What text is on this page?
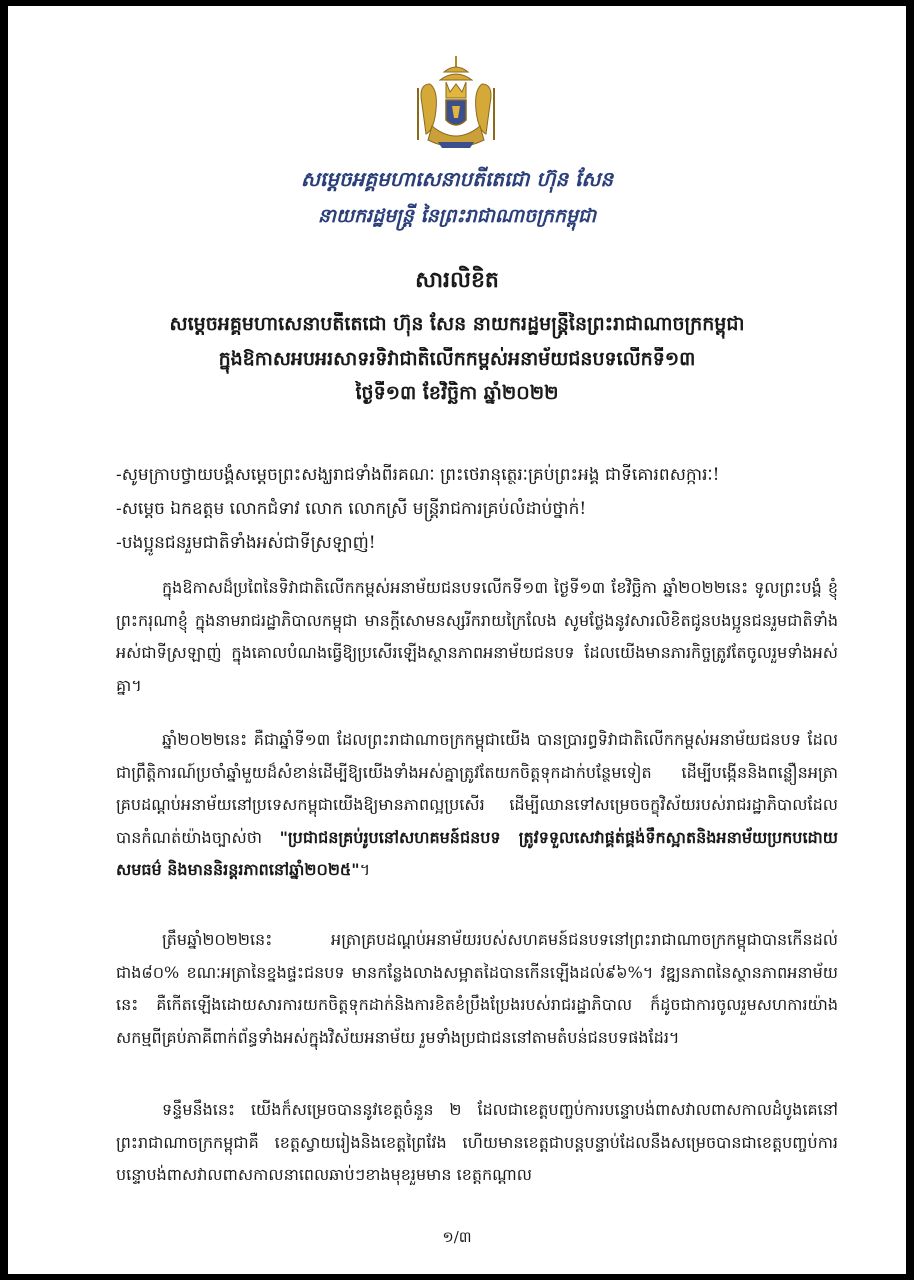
សម្ដេចអគ្គមហាសេនាបតីតេជោ ហ៊ុន សែន
នាយករដ្ឋមន្ត្រី នៃព្រះរាជាណាចក្រកម្ពុជា
សារលិខិត
សម្ដេចអគ្គមហាសេនាបតីតេជោ ហ៊ុន សែន នាយករដ្ឋមន្ត្រីនៃព្រះរាជាណាចក្រកម្ពុជា
ក្នុងឱកាសអបអរសាទរទិវាជាតិលើកកម្ពស់អនាម័យជនបទលើកទី១៣
ថ្ងៃទី១៣ ខែវិច្ឆិកា ឆ្នាំ២០២២
-សូមក្រាបថ្វាយបង្គំសម្ដេចព្រះសង្ឃរាជទាំងពីរគណៈ ព្រះថេរានុត្ថេរៈគ្រប់ព្រះអង្គ ជាទីគោរពសក្ការៈ!
-សម្ដេច ឯកឧត្ដម លោកជំទាវ លោក លោកស្រី មន្ត្រីរាជការគ្រប់លំដាប់ថ្នាក់!
-បងប្អូនជនរួមជាតិទាំងអស់ជាទីស្រឡាញ់!

ក្នុងឱកាសដ៏ប្រពៃនៃទិវាជាតិលើកកម្ពស់អនាម័យជនបទលើកទី១៣ ថ្ងៃទី១៣ ខែវិច្ឆិកា ឆ្នាំ២០២២នេះ ទូលព្រះបង្គំ ខ្ញុំព្រះករុណាខ្ញុំ ក្នុងនាមរាជរដ្ឋាភិបាលកម្ពុជា មានក្ដីសោមនស្សរីករាយក្រៃលែង សូមថ្លែងនូវសារលិខិតជូនបងប្អូនជនរួមជាតិទាំងអស់ជាទីស្រឡាញ់ ក្នុងគោលបំណងធ្វើឱ្យប្រសើរឡើងស្ថានភាពអនាម័យជនបទ ដែលយើងមានភារកិច្ចត្រូវតែចូលរួមទាំងអស់គ្នា។

ឆ្នាំ២០២២នេះ គឺជាឆ្នាំទី១៣ ដែលព្រះរាជាណាចក្រកម្ពុជាយើង បានប្រារព្ធទិវាជាតិលើកកម្ពស់អនាម័យជនបទ ដែលជាព្រឹត្តិការណ៍ប្រចាំឆ្នាំមួយដ៏សំខាន់ដើម្បីឱ្យយើងទាំងអស់គ្នាត្រូវតែយកចិត្តទុកដាក់បន្ថែមទៀត ដើម្បីបង្កើននិងពន្លឿនអត្រាគ្របដណ្ដប់អនាម័យនៅប្រទេសកម្ពុជាយើងឱ្យមានភាពល្អប្រសើរ ដើម្បីឈានទៅសម្រេចចក្ខុវិស័យរបស់រាជរដ្ឋាភិបាលដែលបានកំណត់យ៉ាងច្បាស់ថា "ប្រជាជនគ្រប់រូបនៅសហគមន៍ជនបទ ត្រូវទទួលសេវាផ្គត់ផ្គង់ទឹកស្អាតនិងអនាម័យប្រកបដោយសមធម៌ និងមាននិរន្តរភាពនៅឆ្នាំ២០២៥"។

ត្រឹមឆ្នាំ២០២២នេះ អត្រាគ្របដណ្ដប់អនាម័យរបស់សហគមន៍ជនបទនៅព្រះរាជាណាចក្រកម្ពុជាបានកើនដល់ជាង៨០% ខណៈអត្រានៃខ្នងផ្ទះជនបទ មានកន្លែងលាងសម្អាតដៃបានកើនឡើងដល់៩៦%។ វឌ្ឍនភាពនៃស្ថានភាពអនាម័យនេះ គឺកើតឡើងដោយសារការយកចិត្តទុកដាក់និងការខិតខំប្រឹងប្រែងរបស់រាជរដ្ឋាភិបាល ក៏ដូចជាការចូលរួមសហការយ៉ាងសកម្មពីគ្រប់ភាគីពាក់ព័ន្ធទាំងអស់ក្នុងវិស័យអនាម័យ រួមទាំងប្រជាជននៅតាមតំបន់ជនបទផងដែរ។

ទន្ទឹមនឹងនេះ យើងក៏សម្រេចបាននូវខេត្តចំនួន ២ ដែលជាខេត្តបញ្ចប់ការបន្ទោបង់ពាសវាលពាសកាលដំបូងគេនៅព្រះរាជាណាចក្រកម្ពុជាគឺ ខេត្តស្វាយរៀងនិងខេត្តព្រៃវែង ហើយមានខេត្តជាបន្តបន្ទាប់ដែលនឹងសម្រេចបានជាខេត្តបញ្ចប់ការបន្ទោបង់ពាសវាលពាសកាលនាពេលឆាប់ៗខាងមុខរួមមាន ខេត្តកណ្ដាល

១/៣
